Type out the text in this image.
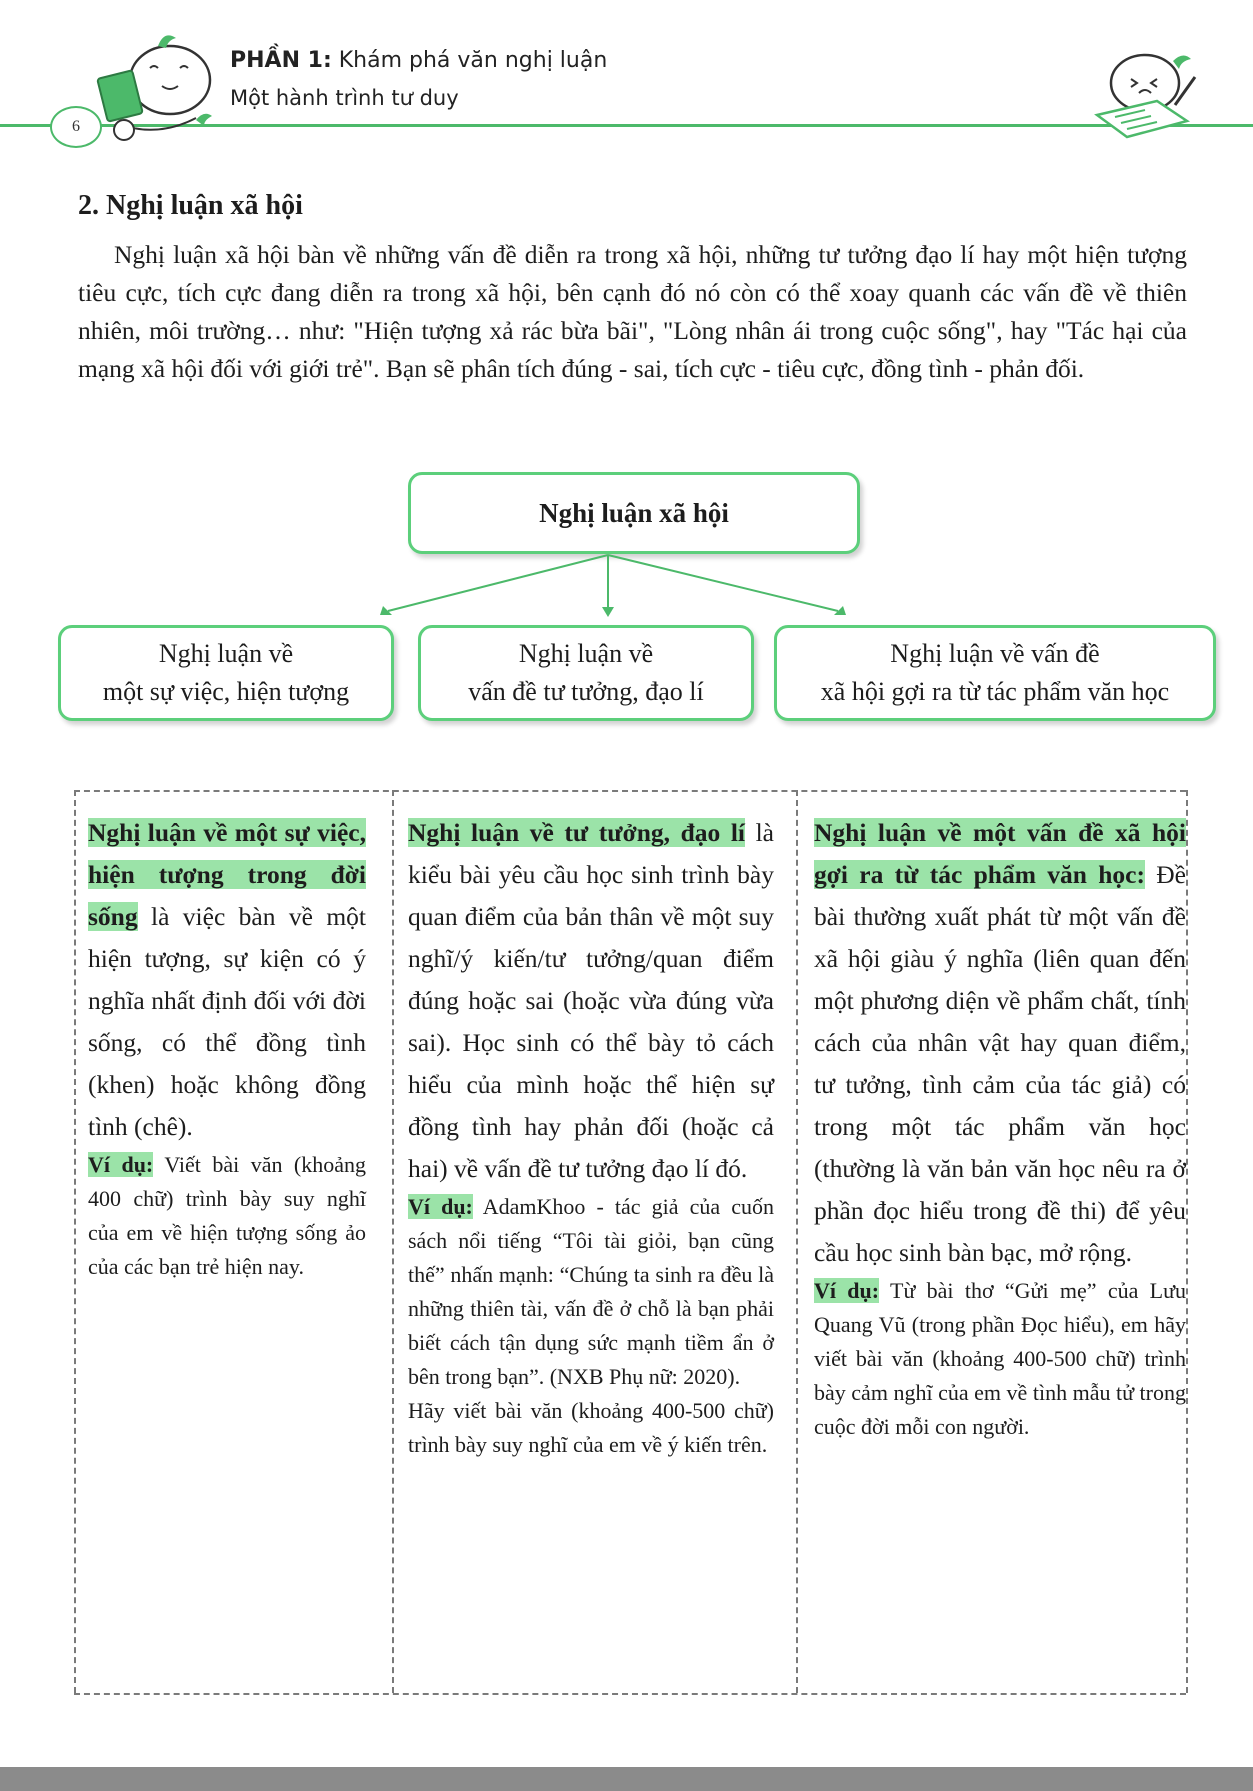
6
PHẦN 1: Khám phá văn nghị luận
Một hành trình tư duy
2. Nghị luận xã hội

Nghị luận xã hội bàn về những vấn đề diễn ra trong xã hội, những tư tưởng đạo lí hay một hiện tượng tiêu cực, tích cực đang diễn ra trong xã hội, bên cạnh đó nó còn có thể xoay quanh các vấn đề về thiên nhiên, môi trường… như: "Hiện tượng xả rác bừa bãi", "Lòng nhân ái trong cuộc sống", hay "Tác hại của mạng xã hội đối với giới trẻ". Bạn sẽ phân tích đúng - sai, tích cực - tiêu cực, đồng tình - phản đối.

Nghị luận xã hội
Nghị luận về
một sự việc, hiện tượng
Nghị luận về
vấn đề tư tưởng, đạo lí
Nghị luận về vấn đề
xã hội gợi ra từ tác phẩm văn học

Nghị luận về một sự việc, hiện tượng trong đời sống là việc bàn về một hiện tượng, sự kiện có ý nghĩa nhất định đối với đời sống, có thể đồng tình (khen) hoặc không đồng tình (chê).

Ví dụ: Viết bài văn (khoảng 400 chữ) trình bày suy nghĩ của em về hiện tượng sống ảo của các bạn trẻ hiện nay.

Nghị luận về tư tưởng, đạo lí là kiểu bài yêu cầu học sinh trình bày quan điểm của bản thân về một suy nghĩ/ý kiến/tư tưởng/quan điểm đúng hoặc sai (hoặc vừa đúng vừa sai). Học sinh có thể bày tỏ cách hiểu của mình hoặc thể hiện sự đồng tình hay phản đối (hoặc cả hai) về vấn đề tư tưởng đạo lí đó.

Ví dụ: AdamKhoo - tác giả của cuốn sách nổi tiếng “Tôi tài giỏi, bạn cũng thế” nhấn mạnh: “Chúng ta sinh ra đều là những thiên tài, vấn đề ở chỗ là bạn phải biết cách tận dụng sức mạnh tiềm ẩn ở bên trong bạn”. (NXB Phụ nữ: 2020).

Hãy viết bài văn (khoảng 400-500 chữ) trình bày suy nghĩ của em về ý kiến trên.

Nghị luận về một vấn đề xã hội gợi ra từ tác phẩm văn học: Đề bài thường xuất phát từ một vấn đề xã hội giàu ý nghĩa (liên quan đến một phương diện về phẩm chất, tính cách của nhân vật hay quan điểm, tư tưởng, tình cảm của tác giả) có trong một tác phẩm văn học (thường là văn bản văn học nêu ra ở phần đọc hiểu trong đề thi) để yêu cầu học sinh bàn bạc, mở rộng.

Ví dụ: Từ bài thơ “Gửi mẹ” của Lưu Quang Vũ (trong phần Đọc hiểu), em hãy viết bài văn (khoảng 400-500 chữ) trình bày cảm nghĩ của em về tình mẫu tử trong cuộc đời mỗi con người.
